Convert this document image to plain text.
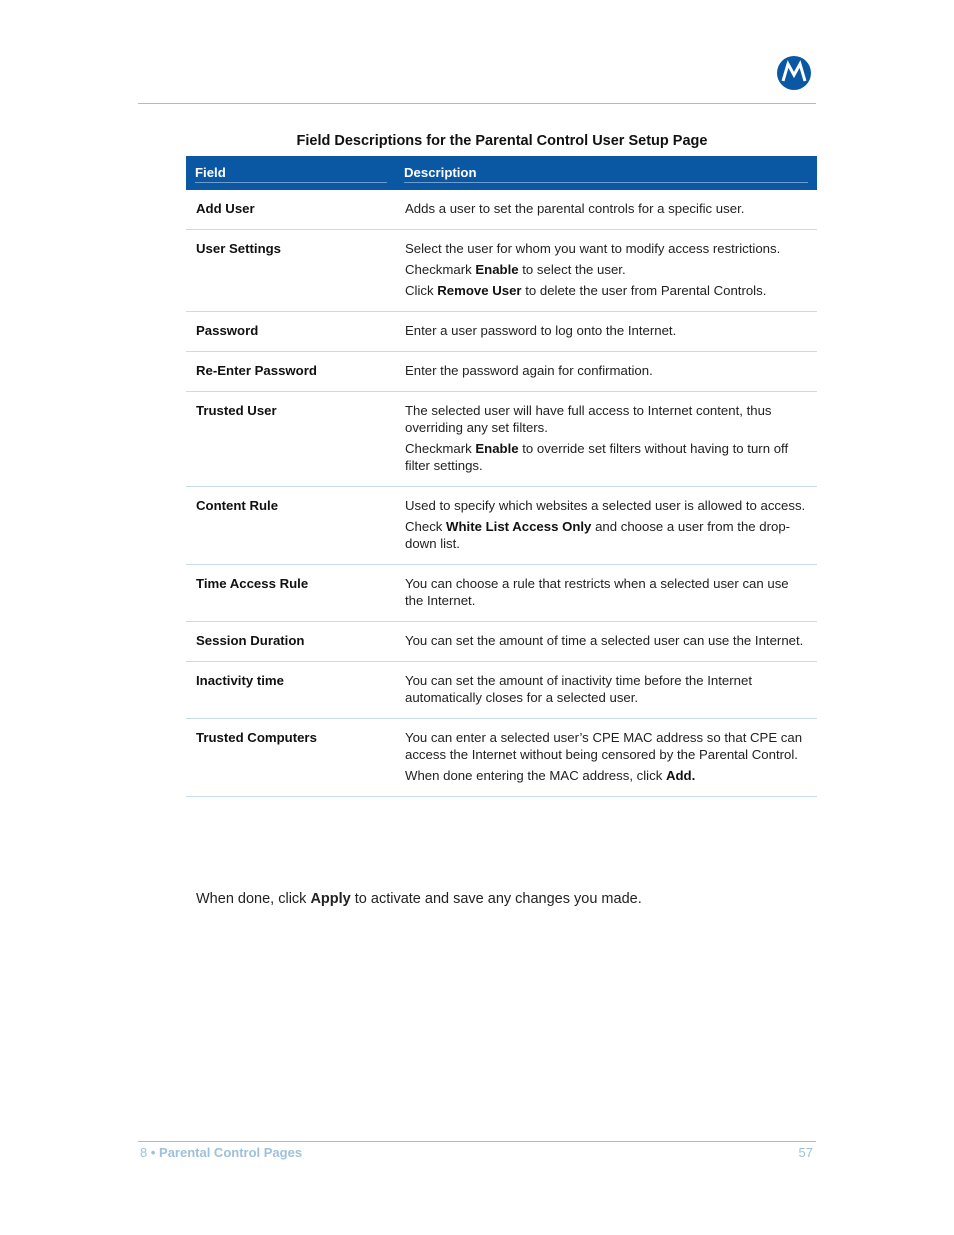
Field Descriptions for the Parental Control User Setup Page
Field	Description

Add User	Adds a user to set the parental controls for a specific user.

User Settings	Select the user for whom you want to modify access restrictions.

Checkmark Enable to select the user.

Click Remove User to delete the user from Parental Controls.

Password	Enter a user password to log onto the Internet.

Re-Enter Password	Enter the password again for confirmation.

Trusted User	The selected user will have full access to Internet content, thus overriding any set filters.

Checkmark Enable to override set filters without having to turn off filter settings.

Content Rule	Used to specify which websites a selected user is allowed to access.

Check White List Access Only and choose a user from the drop-down list.

Time Access Rule	You can choose a rule that restricts when a selected user can use the Internet.

Session Duration	You can set the amount of time a selected user can use the Internet.

Inactivity time	You can set the amount of inactivity time before the Internet automatically closes for a selected user.

Trusted Computers	You can enter a selected user’s CPE MAC address so that CPE can access the Internet without being censored by the Parental Control.

When done entering the MAC address, click Add.

When done, click Apply to activate and save any changes you made.
8 • Parental Control Pages	57
